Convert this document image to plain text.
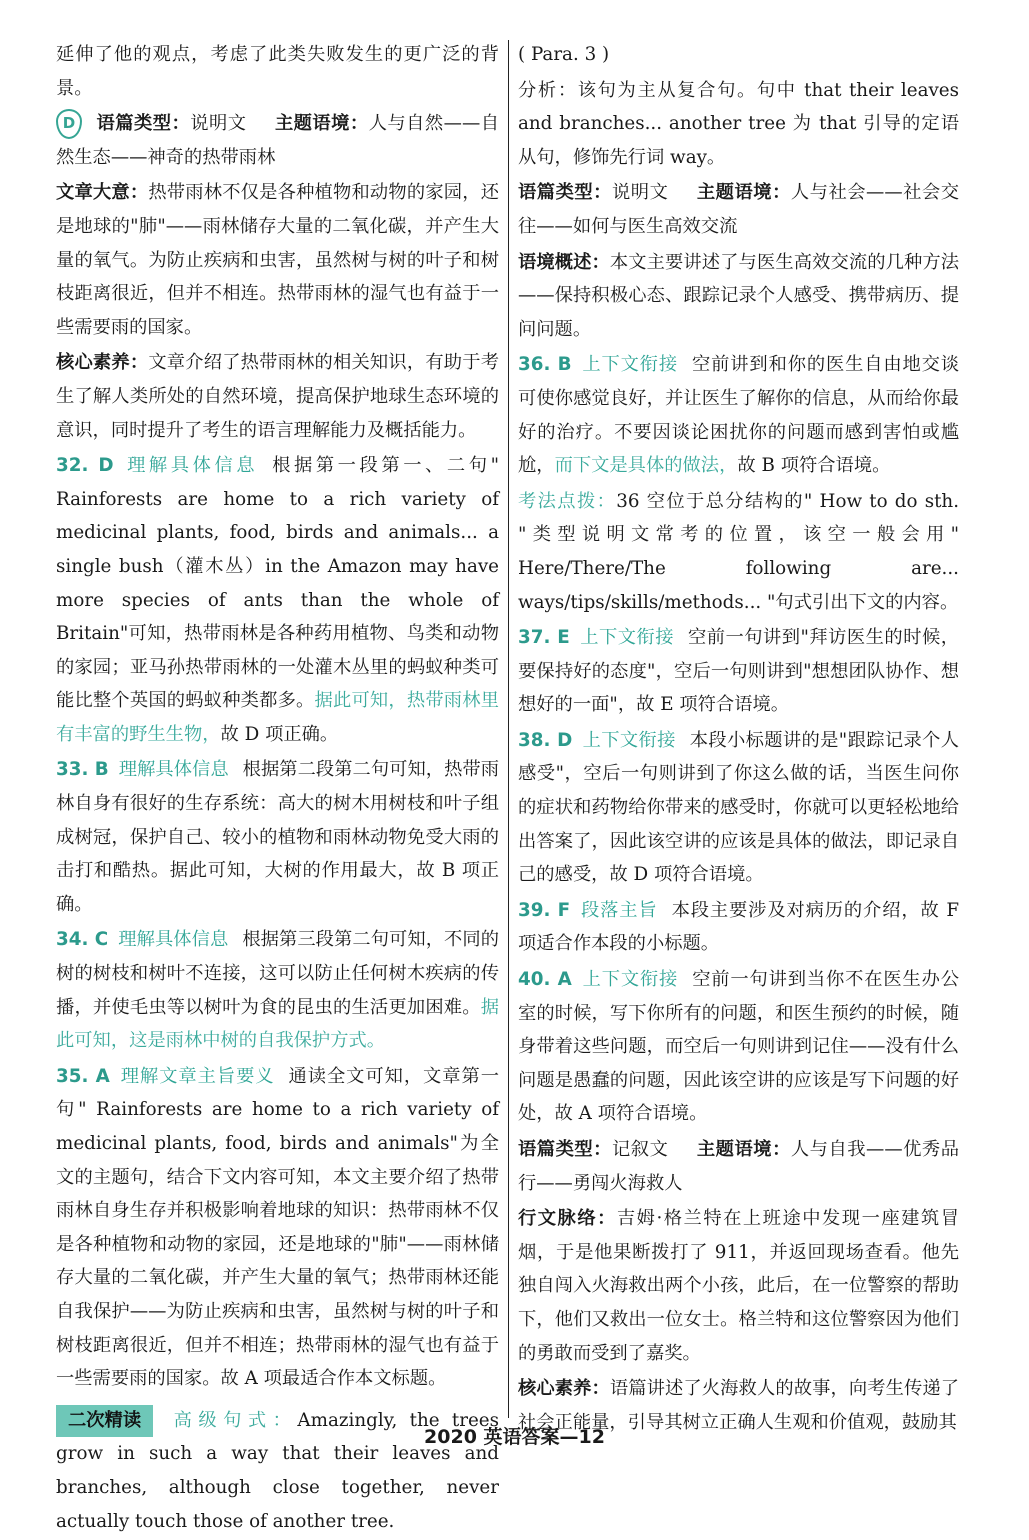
延伸了他的观点，考虑了此类失败发生的更广泛的背景。

D 语篇类型：说明文 主题语境：人与自然——自然生态——神奇的热带雨林

文章大意：热带雨林不仅是各种植物和动物的家园，还是地球的"肺"——雨林储存大量的二氧化碳，并产生大量的氧气。为防止疾病和虫害，虽然树与树的叶子和树枝距离很近，但并不相连。热带雨林的湿气也有益于一些需要雨的国家。

核心素养：文章介绍了热带雨林的相关知识，有助于考生了解人类所处的自然环境，提高保护地球生态环境的意识，同时提升了考生的语言理解能力及概括能力。

32. D 理解具体信息 根据第一段第一、二句" Rainforests are home to a rich variety of medicinal plants, food, birds and animals... a single bush（灌木丛）in the Amazon may have more species of ants than the whole of Britain"可知，热带雨林是各种药用植物、鸟类和动物的家园；亚马孙热带雨林的一处灌木丛里的蚂蚁种类可能比整个英国的蚂蚁种类都多。据此可知，热带雨林里有丰富的野生生物，故 D 项正确。

33. B 理解具体信息 根据第二段第二句可知，热带雨林自身有很好的生存系统：高大的树木用树枝和叶子组成树冠，保护自己、较小的植物和雨林动物免受大雨的击打和酷热。据此可知，大树的作用最大，故 B 项正确。

34. C 理解具体信息 根据第三段第二句可知，不同的树的树枝和树叶不连接，这可以防止任何树木疾病的传播，并使毛虫等以树叶为食的昆虫的生活更加困难。据此可知，这是雨林中树的自我保护方式。

35. A 理解文章主旨要义 通读全文可知，文章第一句" Rainforests are home to a rich variety of medicinal plants, food, birds and animals"为全文的主题句，结合下文内容可知，本文主要介绍了热带雨林自身生存并积极影响着地球的知识：热带雨林不仅是各种植物和动物的家园，还是地球的"肺"——雨林储存大量的二氧化碳，并产生大量的氧气；热带雨林还能自我保护——为防止疾病和虫害，虽然树与树的叶子和树枝距离很近，但并不相连；热带雨林的湿气也有益于一些需要雨的国家。故 A 项最适合作本文标题。

二次精读 高级句式：Amazingly, the trees grow in such a way that their leaves and branches, although close together, never actually touch those of another tree.

( Para. 3 )

分析：该句为主从复合句。句中 that their leaves and branches... another tree 为 that 引导的定语从句，修饰先行词 way。

语篇类型：说明文 主题语境：人与社会——社会交往——如何与医生高效交流

语境概述：本文主要讲述了与医生高效交流的几种方法——保持积极心态、跟踪记录个人感受、携带病历、提问问题。

36. B 上下文衔接 空前讲到和你的医生自由地交谈可使你感觉良好，并让医生了解你的信息，从而给你最好的治疗。不要因谈论困扰你的问题而感到害怕或尴尬，而下文是具体的做法，故 B 项符合语境。

考法点拨：36 空位于总分结构的" How to do sth. "类型说明文常考的位置，该空一般会用" Here/There/The following are... ways/tips/skills/methods... "句式引出下文的内容。

37. E 上下文衔接 空前一句讲到"拜访医生的时候，要保持好的态度"，空后一句则讲到"想想团队协作、想想好的一面"，故 E 项符合语境。

38. D 上下文衔接 本段小标题讲的是"跟踪记录个人感受"，空后一句则讲到了你这么做的话，当医生问你的症状和药物给你带来的感受时，你就可以更轻松地给出答案了，因此该空讲的应该是具体的做法，即记录自己的感受，故 D 项符合语境。

39. F 段落主旨 本段主要涉及对病历的介绍，故 F 项适合作本段的小标题。

40. A 上下文衔接 空前一句讲到当你不在医生办公室的时候，写下你所有的问题，和医生预约的时候，随身带着这些问题，而空后一句则讲到记住——没有什么问题是愚蠢的问题，因此该空讲的应该是写下问题的好处，故 A 项符合语境。

语篇类型：记叙文 主题语境：人与自我——优秀品行——勇闯火海救人

行文脉络：吉姆·格兰特在上班途中发现一座建筑冒烟，于是他果断拨打了 911，并返回现场查看。他先独自闯入火海救出两个小孩，此后，在一位警察的帮助下，他们又救出一位女士。格兰特和这位警察因为他们的勇敢而受到了嘉奖。

核心素养：语篇讲述了火海救人的故事，向考生传递了社会正能量，引导其树立正确人生观和价值观，鼓励其

2020 英语答案—12
